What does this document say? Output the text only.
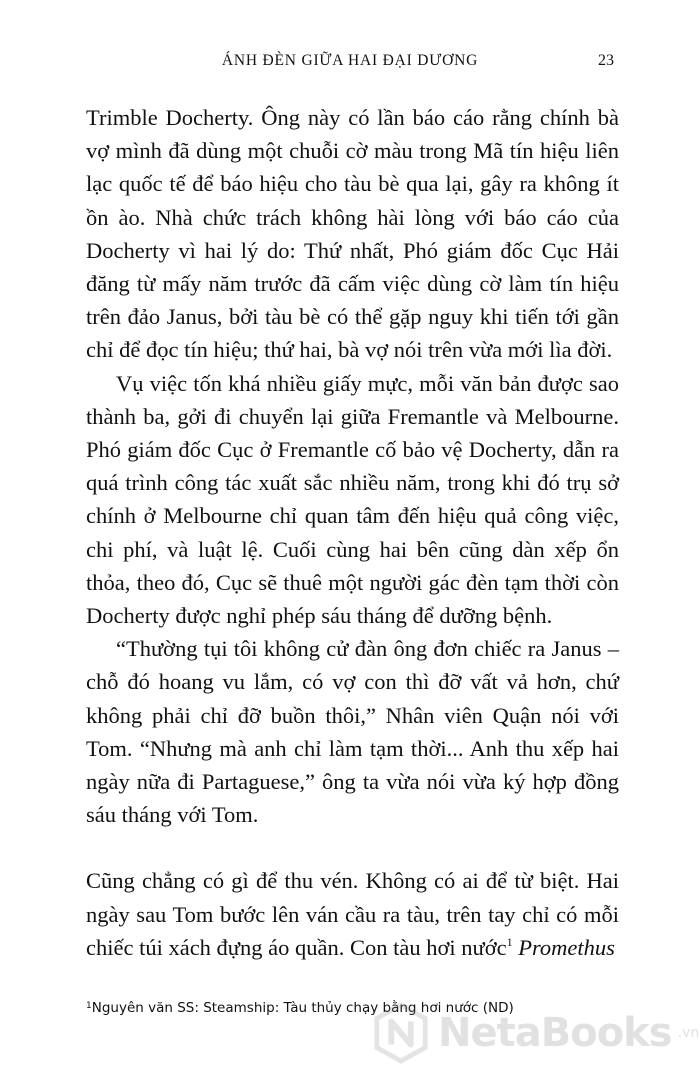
ÁNH ĐÈN GIỮA HAI ĐẠI DƯƠNG	23

Trimble Docherty. Ông này có lần báo cáo rằng chính bà vợ mình đã dùng một chuỗi cờ màu trong Mã tín hiệu liên lạc quốc tế để báo hiệu cho tàu bè qua lại, gây ra không ít ồn ào. Nhà chức trách không hài lòng với báo cáo của Docherty vì hai lý do: Thứ nhất, Phó giám đốc Cục Hải đăng từ mấy năm trước đã cấm việc dùng cờ làm tín hiệu trên đảo Janus, bởi tàu bè có thể gặp nguy khi tiến tới gần chỉ để đọc tín hiệu; thứ hai, bà vợ nói trên vừa mới lìa đời.

Vụ việc tốn khá nhiều giấy mực, mỗi văn bản được sao thành ba, gởi đi chuyển lại giữa Fremantle và Melbourne. Phó giám đốc Cục ở Fremantle cố bảo vệ Docherty, dẫn ra quá trình công tác xuất sắc nhiều năm, trong khi đó trụ sở chính ở Melbourne chỉ quan tâm đến hiệu quả công việc, chi phí, và luật lệ. Cuối cùng hai bên cũng dàn xếp ổn thỏa, theo đó, Cục sẽ thuê một người gác đèn tạm thời còn Docherty được nghỉ phép sáu tháng để dưỡng bệnh.

“Thường tụi tôi không cử đàn ông đơn chiếc ra Janus – chỗ đó hoang vu lắm, có vợ con thì đỡ vất vả hơn, chứ không phải chỉ đỡ buồn thôi,” Nhân viên Quận nói với Tom. “Nhưng mà anh chỉ làm tạm thời... Anh thu xếp hai ngày nữa đi Partaguese,” ông ta vừa nói vừa ký hợp đồng sáu tháng với Tom.

Cũng chẳng có gì để thu vén. Không có ai để từ biệt. Hai ngày sau Tom bước lên ván cầu ra tàu, trên tay chỉ có mỗi chiếc túi xách đựng áo quần. Con tàu hơi nước$^1$ Promethus

$^1$Nguyên văn SS: Steamship: Tàu thủy chạy bằng hơi nước (ND)
NetaBooks .vn
